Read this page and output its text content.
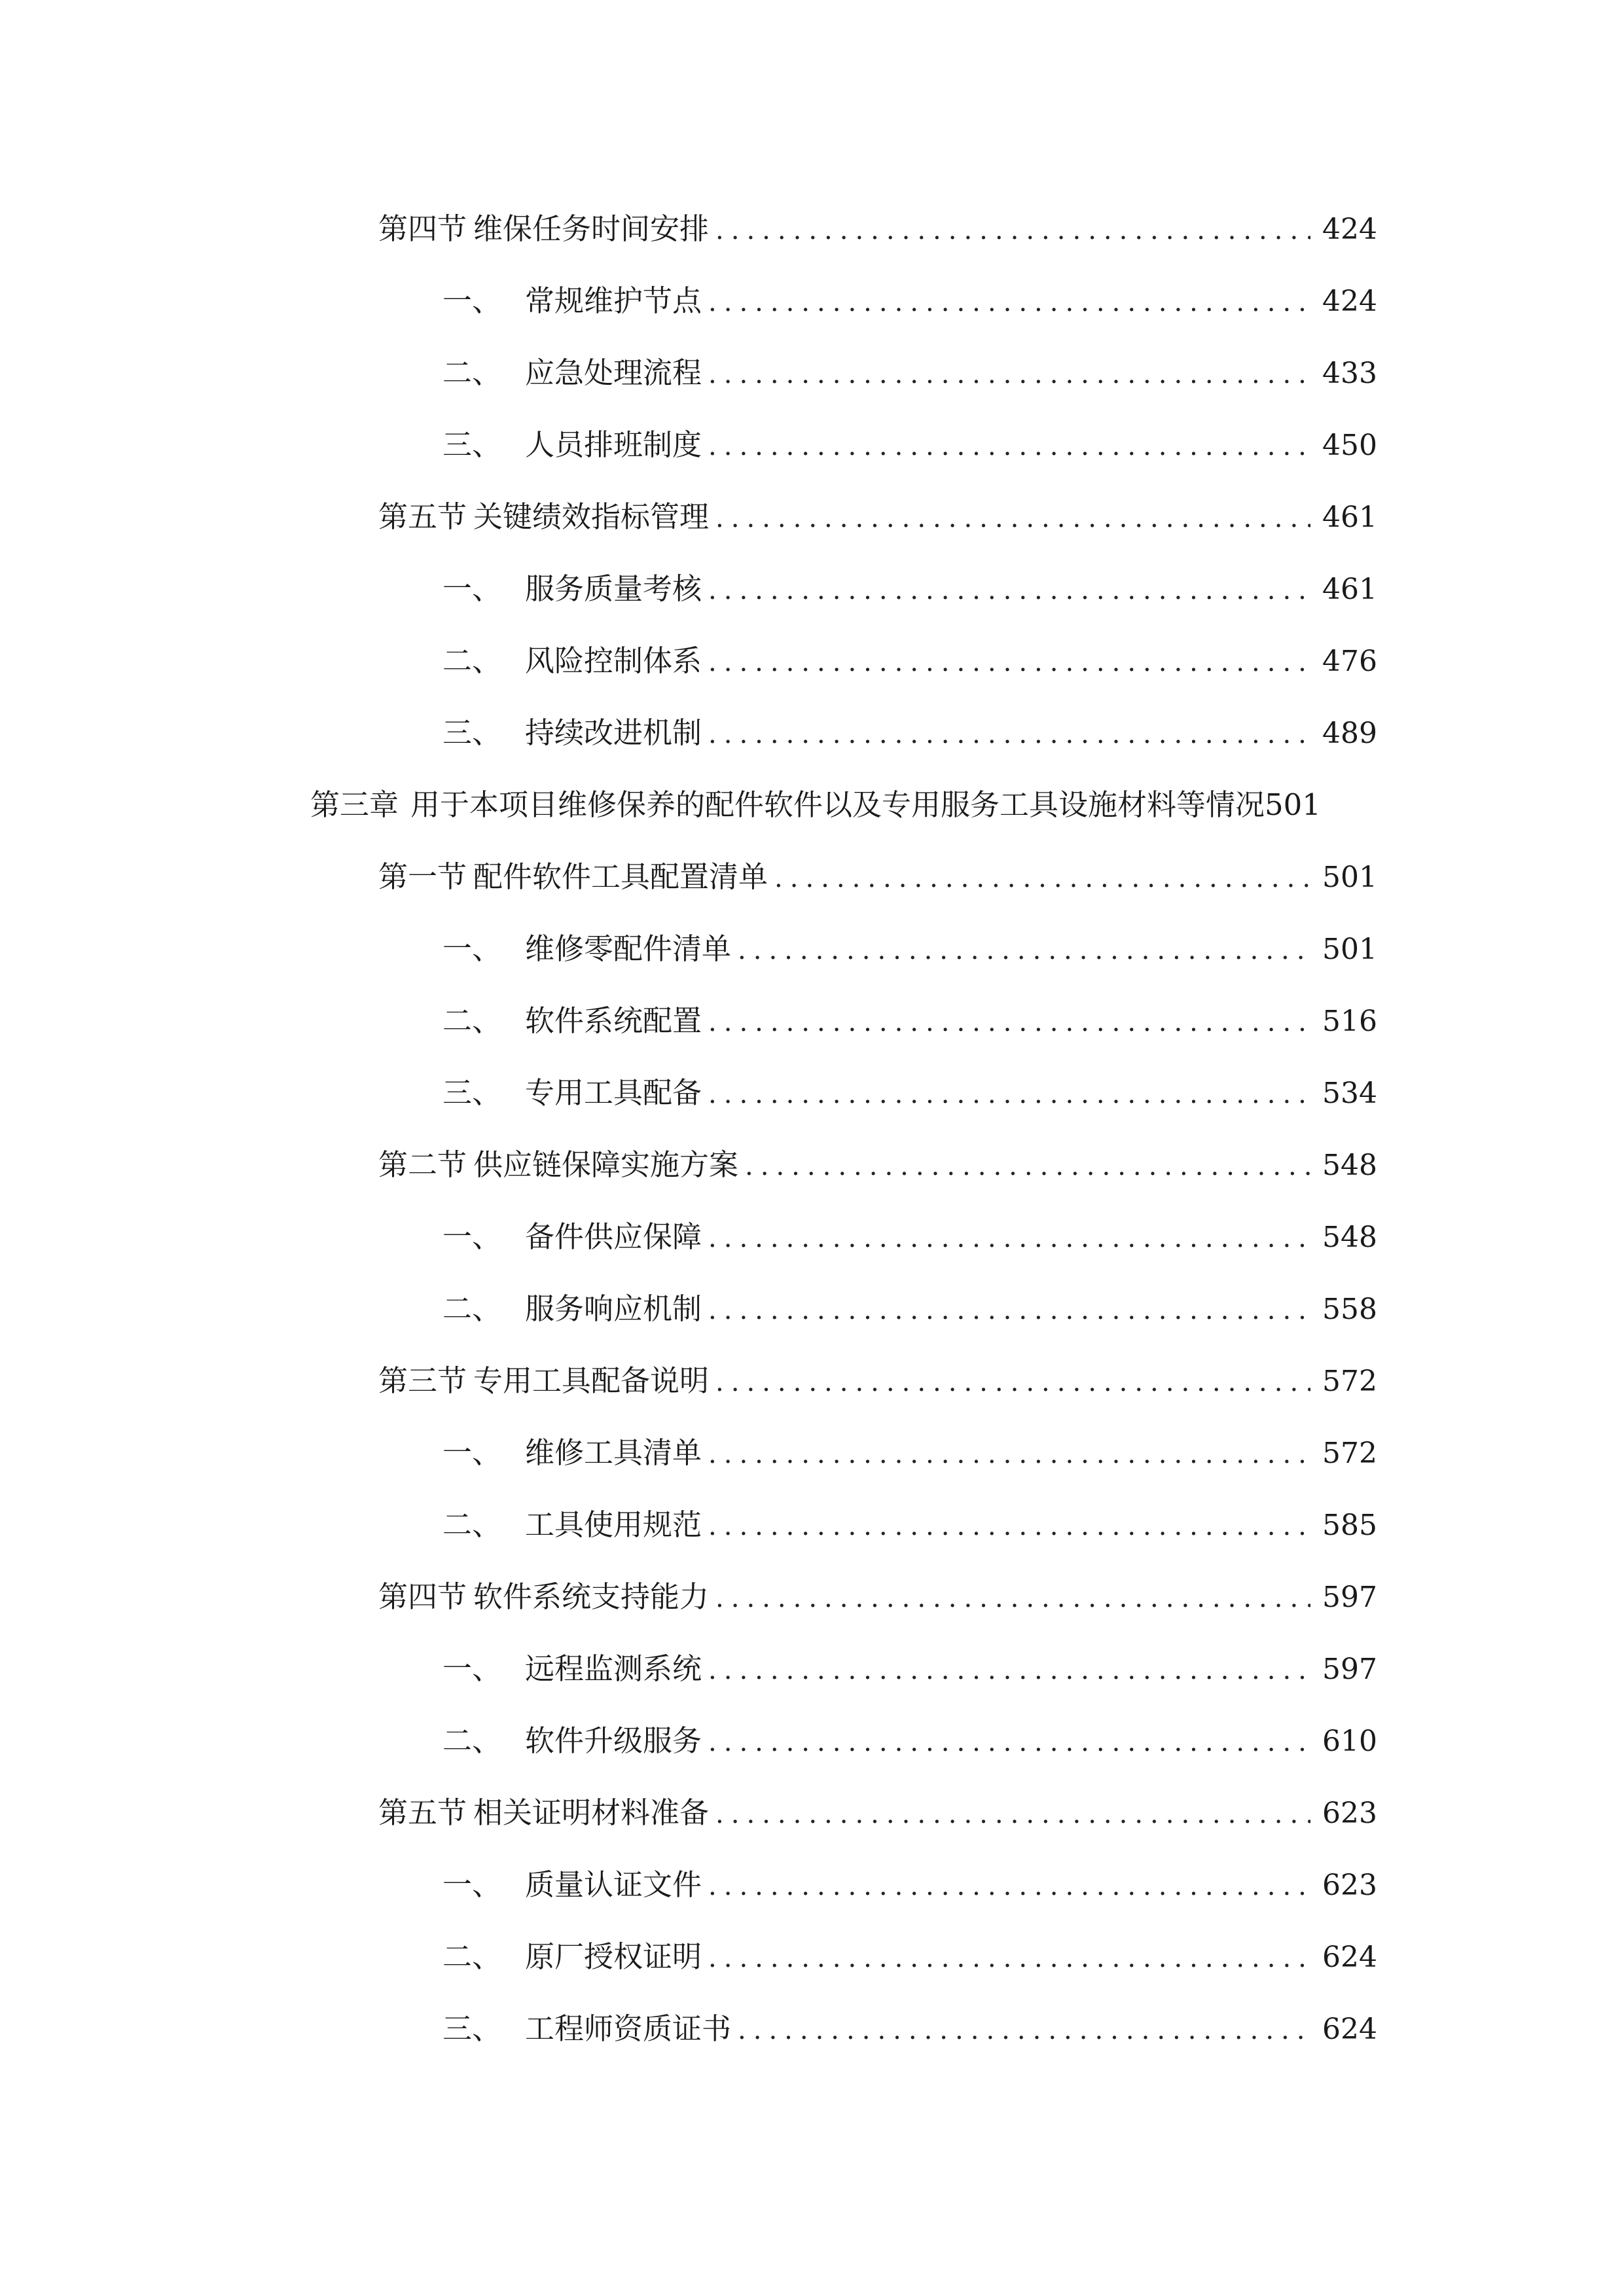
第四节 维保任务时间安排 .....	424
一、 常规维护节点 .....	424
二、 应急处理流程 .....	433
三、 人员排班制度 .....	450
第五节 关键绩效指标管理 .....	461
一、 服务质量考核 .....	461
二、 风险控制体系 .....	476
三、 持续改进机制 .....	489
第三章 用于本项目维修保养的配件软件以及专用服务工具设施材料等情况501
第一节 配件软件工具配置清单 .....	501
一、 维修零配件清单 .....	501
二、 软件系统配置 .....	516
三、 专用工具配备 .....	534
第二节 供应链保障实施方案 .....	548
一、 备件供应保障 .....	548
二、 服务响应机制 .....	558
第三节 专用工具配备说明 .....	572
一、 维修工具清单 .....	572
二、 工具使用规范 .....	585
第四节 软件系统支持能力 .....	597
一、 远程监测系统 .....	597
二、 软件升级服务 .....	610
第五节 相关证明材料准备 .....	623
一、 质量认证文件 .....	623
二、 原厂授权证明 .....	624
三、 工程师资质证书 .....	624
